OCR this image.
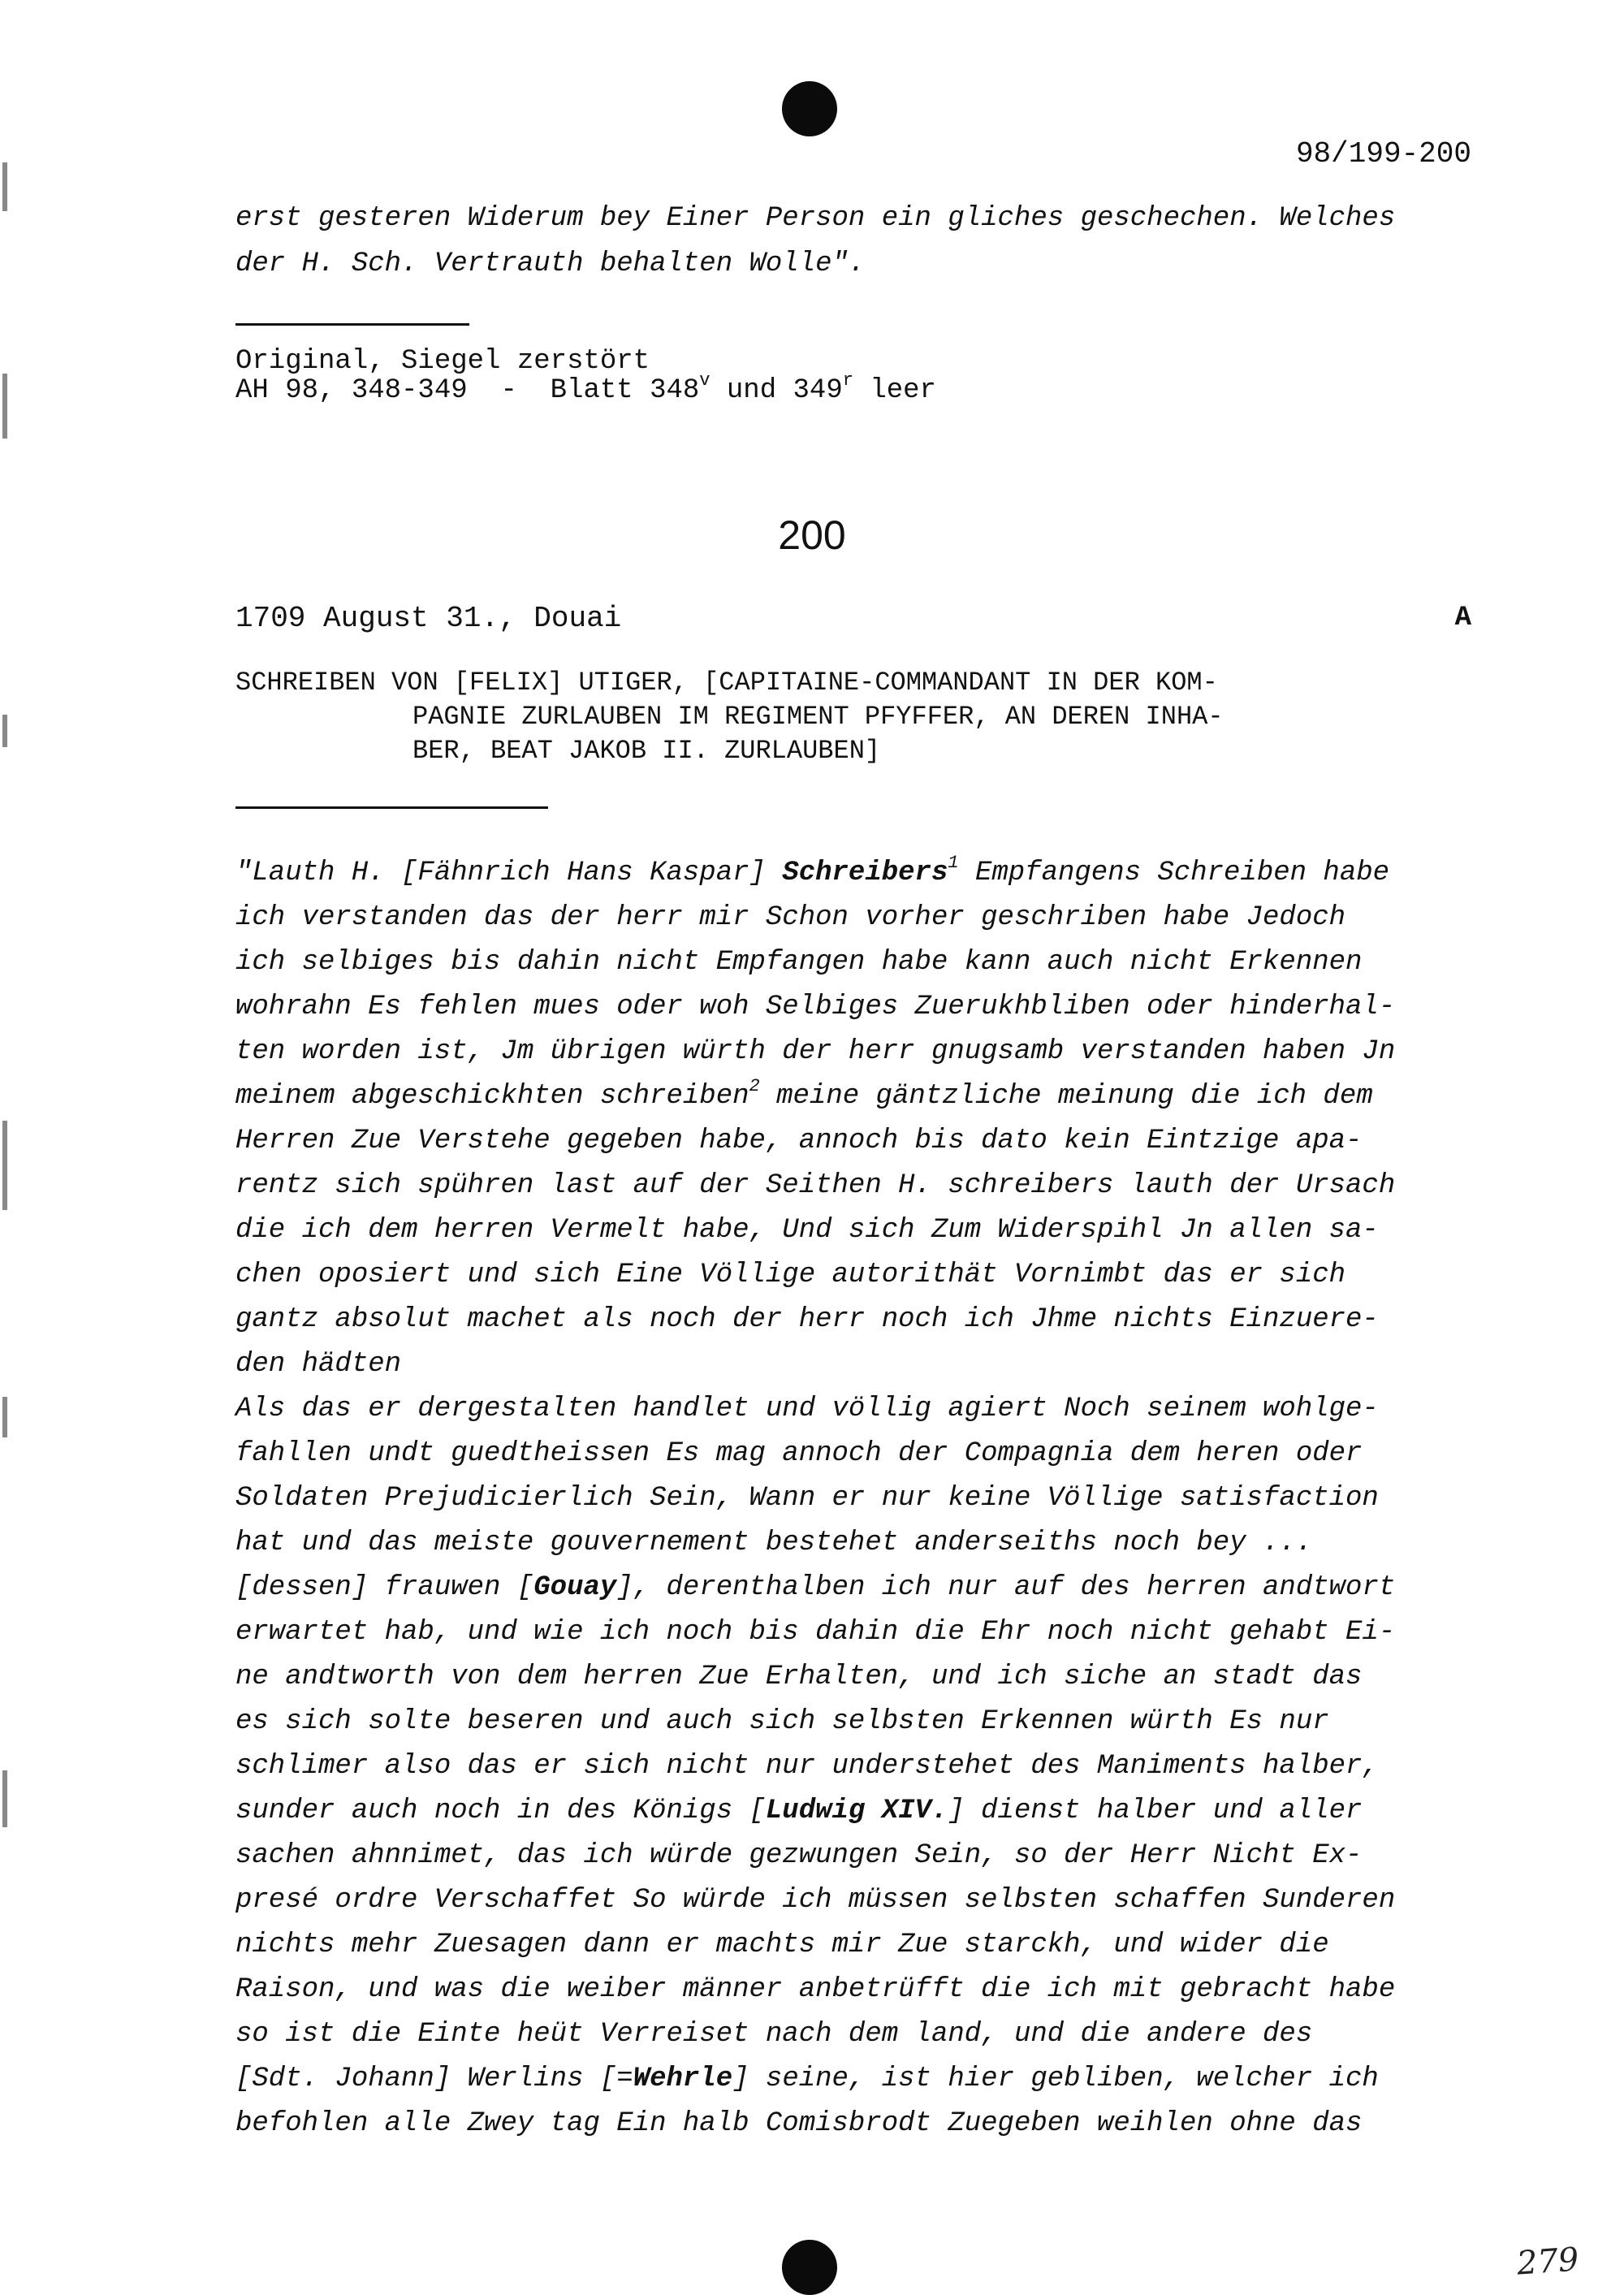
98/199-200
erst gesteren Widerum bey Einer Person ein gliches geschechen. Welches
der H. Sch. Vertrauth behalten Wolle".
Original, Siegel zerstört
AH 98, 348-349  -  Blatt 348$^v$ und 349$^r$ leer
200
1709 August 31., Douai	A
SCHREIBEN VON [FELIX] UTIGER, [CAPITAINE-COMMANDANT IN DER KOM-
PAGNIE ZURLAUBEN IM REGIMENT PFYFFER, AN DEREN INHA-
BER, BEAT JAKOB II. ZURLAUBEN]
"Lauth H. [Fähnrich Hans Kaspar] Schreibers$^1$ Empfangens Schreiben habe
ich verstanden das der herr mir Schon vorher geschriben habe Jedoch
ich selbiges bis dahin nicht Empfangen habe kann auch nicht Erkennen
wohrahn Es fehlen mues oder woh Selbiges Zuerukhbliben oder hinderhal-
ten worden ist, Jm übrigen würth der herr gnugsamb verstanden haben Jn
meinem abgeschickhten schreiben$^2$ meine gäntzliche meinung die ich dem
Herren Zue Verstehe gegeben habe, annoch bis dato kein Eintzige apa-
rentz sich spühren last auf der Seithen H. schreibers lauth der Ursach
die ich dem herren Vermelt habe, Und sich Zum Widerspihl Jn allen sa-
chen oposiert und sich Eine Völlige autorithät Vornimbt das er sich
gantz absolut machet als noch der herr noch ich Jhme nichts Einzuere-
den hädten
Als das er dergestalten handlet und völlig agiert Noch seinem wohlge-
fahllen undt guedtheissen Es mag annoch der Compagnia dem heren oder
Soldaten Prejudicierlich Sein, Wann er nur keine Völlige satisfaction
hat und das meiste gouvernement bestehet anderseiths noch bey ...
[dessen] frauwen [Gouay], derenthalben ich nur auf des herren andtwort
erwartet hab, und wie ich noch bis dahin die Ehr noch nicht gehabt Ei-
ne andtworth von dem herren Zue Erhalten, und ich siche an stadt das
es sich solte beseren und auch sich selbsten Erkennen würth Es nur
schlimer also das er sich nicht nur understehet des Maniments halber,
sunder auch noch in des Königs [Ludwig XIV.] dienst halber und aller
sachen ahnnimet, das ich würde gezwungen Sein, so der Herr Nicht Ex-
presé ordre Verschaffet So würde ich müssen selbsten schaffen Sunderen
nichts mehr Zuesagen dann er machts mir Zue starckh, und wider die
Raison, und was die weiber männer anbetrüfft die ich mit gebracht habe
so ist die Einte heüt Verreiset nach dem land, und die andere des
[Sdt. Johann] Werlins [=Wehrle] seine, ist hier gebliben, welcher ich
befohlen alle Zwey tag Ein halb Comisbrodt Zuegeben weihlen ohne das
279
